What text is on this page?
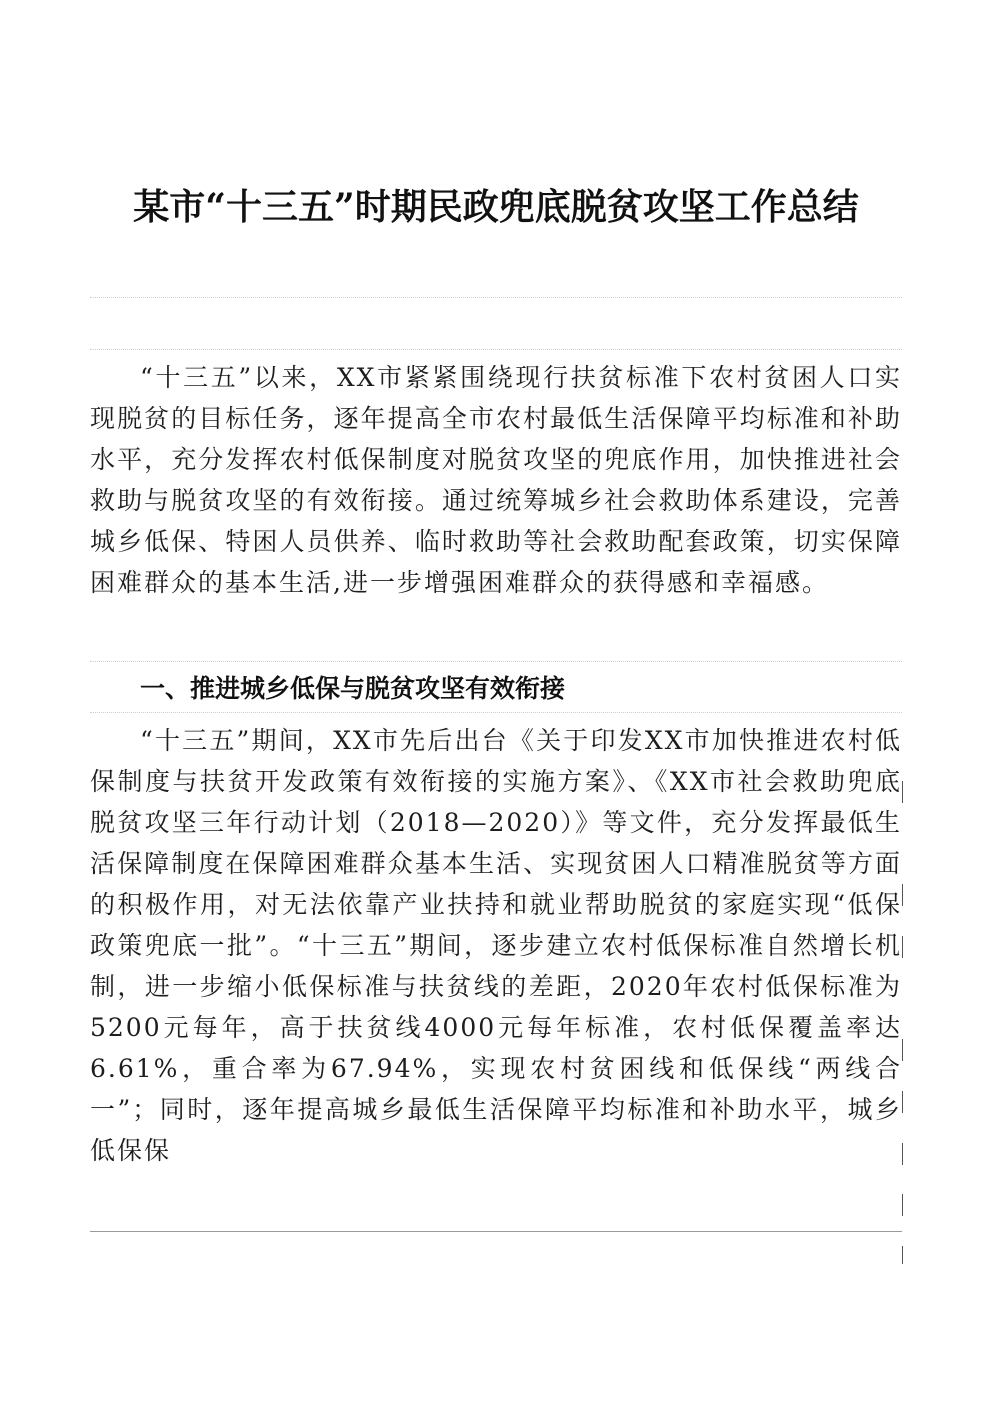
某市“十三五”时期民政兜底脱贫攻坚工作总结

“十三五”以来，XX市紧紧围绕现行扶贫标准下农村贫困人口实现脱贫的目标任务，逐年提高全市农村最低生活保障平均标准和补助水平，充分发挥农村低保制度对脱贫攻坚的兜底作用，加快推进社会救助与脱贫攻坚的有效衔接。通过统筹城乡社会救助体系建设，完善城乡低保、特困人员供养、临时救助等社会救助配套政策，切实保障困难群众的基本生活,进一步增强困难群众的获得感和幸福感。

一、推进城乡低保与脱贫攻坚有效衔接

“十三五”期间，XX市先后出台《关于印发XX市加快推进农村低保制度与扶贫开发政策有效衔接的实施方案》、《XX市社会救助兜底脱贫攻坚三年行动计划（2018—2020）》等文件，充分发挥最低生活保障制度在保障困难群众基本生活、实现贫困人口精准脱贫等方面的积极作用，对无法依靠产业扶持和就业帮助脱贫的家庭实现“低保政策兜底一批”。“十三五”期间，逐步建立农村低保标准自然增长机制，进一步缩小低保标准与扶贫线的差距，2020年农村低保标准为5200元每年，高于扶贫线4000元每年标准，农村低保覆盖率达6.61%，重合率为67.94%，实现农村贫困线和低保线“两线合一”；同时，逐年提高城乡最低生活保障平均标准和补助水平，城乡低保保
